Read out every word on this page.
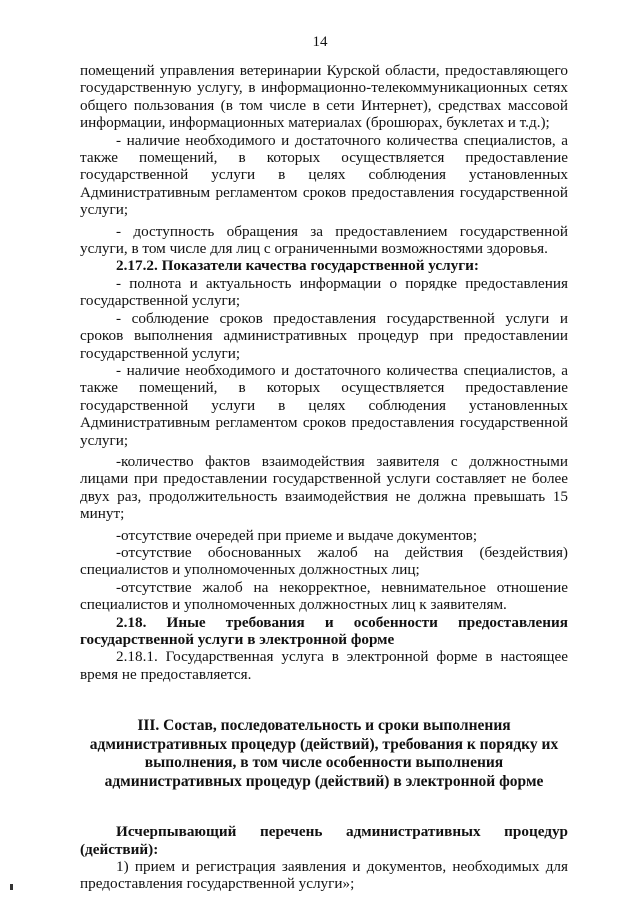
14

помещений управления ветеринарии Курской области, предоставляющего государственную услугу, в информационно-телекоммуникационных сетях общего пользования (в том числе в сети Интернет), средствах массовой информации, информационных материалах (брошюрах, буклетах и т.д.);

- наличие необходимого и достаточного количества специалистов, а также помещений, в которых осуществляется предоставление государственной услуги в целях соблюдения установленных Административным регламентом сроков предоставления государственной услуги;

- доступность обращения за предоставлением государственной услуги, в том числе для лиц с ограниченными возможностями здоровья.

2.17.2. Показатели качества государственной услуги:

- полнота и актуальность информации о порядке предоставления государственной услуги;

- соблюдение сроков предоставления государственной услуги и сроков выполнения административных процедур при предоставлении государственной услуги;

- наличие необходимого и достаточного количества специалистов, а также помещений, в которых осуществляется предоставление государственной услуги в целях соблюдения установленных Административным регламентом сроков предоставления государственной услуги;

-количество фактов взаимодействия заявителя с должностными лицами при предоставлении государственной услуги составляет не более двух раз, продолжительность взаимодействия не должна превышать 15 минут;

-отсутствие очередей при приеме и выдаче документов;

-отсутствие обоснованных жалоб на действия (бездействия) специалистов и уполномоченных должностных лиц;

-отсутствие жалоб на некорректное, невнимательное отношение специалистов и уполномоченных должностных лиц к заявителям.

2.18. Иные требования и особенности предоставления государственной услуги в электронной форме

2.18.1. Государственная услуга в электронной форме в настоящее время не предоставляется.

III. Состав, последовательность и сроки выполнения административных процедур (действий), требования к порядку их выполнения, в том числе особенности выполнения административных процедур (действий) в электронной форме

Исчерпывающий перечень административных процедур (действий):

1) прием и регистрация заявления и документов, необходимых для предоставления государственной услуги»;
